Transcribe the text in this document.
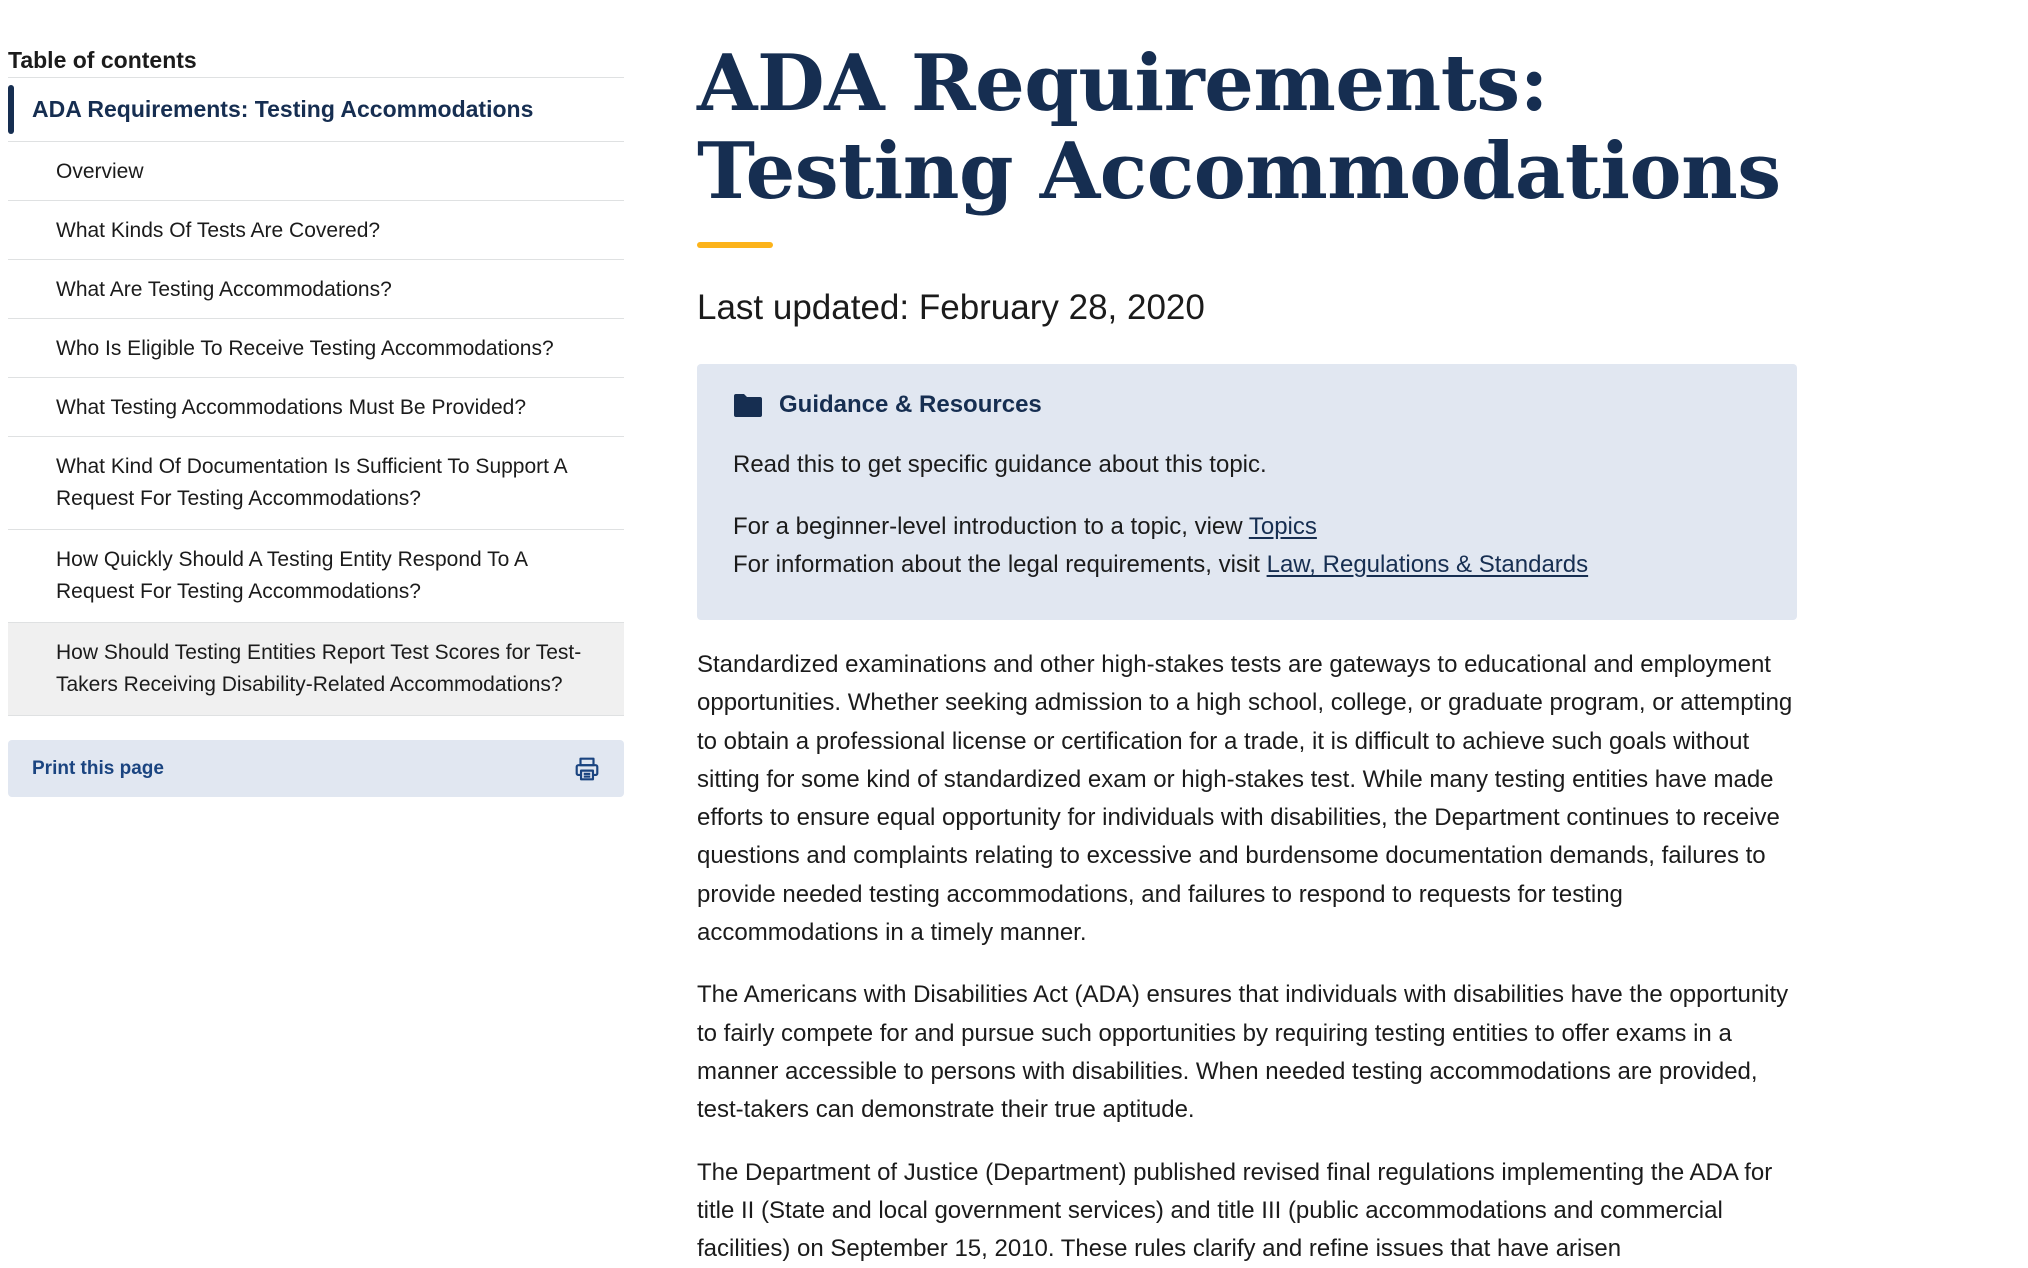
Table of contents
ADA Requirements: Testing Accommodations
Overview
What Kinds Of Tests Are Covered?
What Are Testing Accommodations?
Who Is Eligible To Receive Testing Accommodations?
What Testing Accommodations Must Be Provided?
What Kind Of Documentation Is Sufficient To Support A Request For Testing Accommodations?
How Quickly Should A Testing Entity Respond To A Request For Testing Accommodations?
How Should Testing Entities Report Test Scores for Test-Takers Receiving Disability-Related Accommodations?
Print this page
ADA Requirements: Testing Accommodations
Last updated: February 28, 2020
Guidance & Resources

Read this to get specific guidance about this topic.

For a beginner-level introduction to a topic, view Topics

For information about the legal requirements, visit Law, Regulations & Standards

Standardized examinations and other high-stakes tests are gateways to educational and employment opportunities. Whether seeking admission to a high school, college, or graduate program, or attempting to obtain a professional license or certification for a trade, it is difficult to achieve such goals without sitting for some kind of standardized exam or high-stakes test. While many testing entities have made efforts to ensure equal opportunity for individuals with disabilities, the Department continues to receive questions and complaints relating to excessive and burdensome documentation demands, failures to provide needed testing accommodations, and failures to respond to requests for testing accommodations in a timely manner.

The Americans with Disabilities Act (ADA) ensures that individuals with disabilities have the opportunity to fairly compete for and pursue such opportunities by requiring testing entities to offer exams in a manner accessible to persons with disabilities. When needed testing accommodations are provided, test-takers can demonstrate their true aptitude.

The Department of Justice (Department) published revised final regulations implementing the ADA for title II (State and local government services) and title III (public accommodations and commercial facilities) on September 15, 2010. These rules clarify and refine issues that have arisen
